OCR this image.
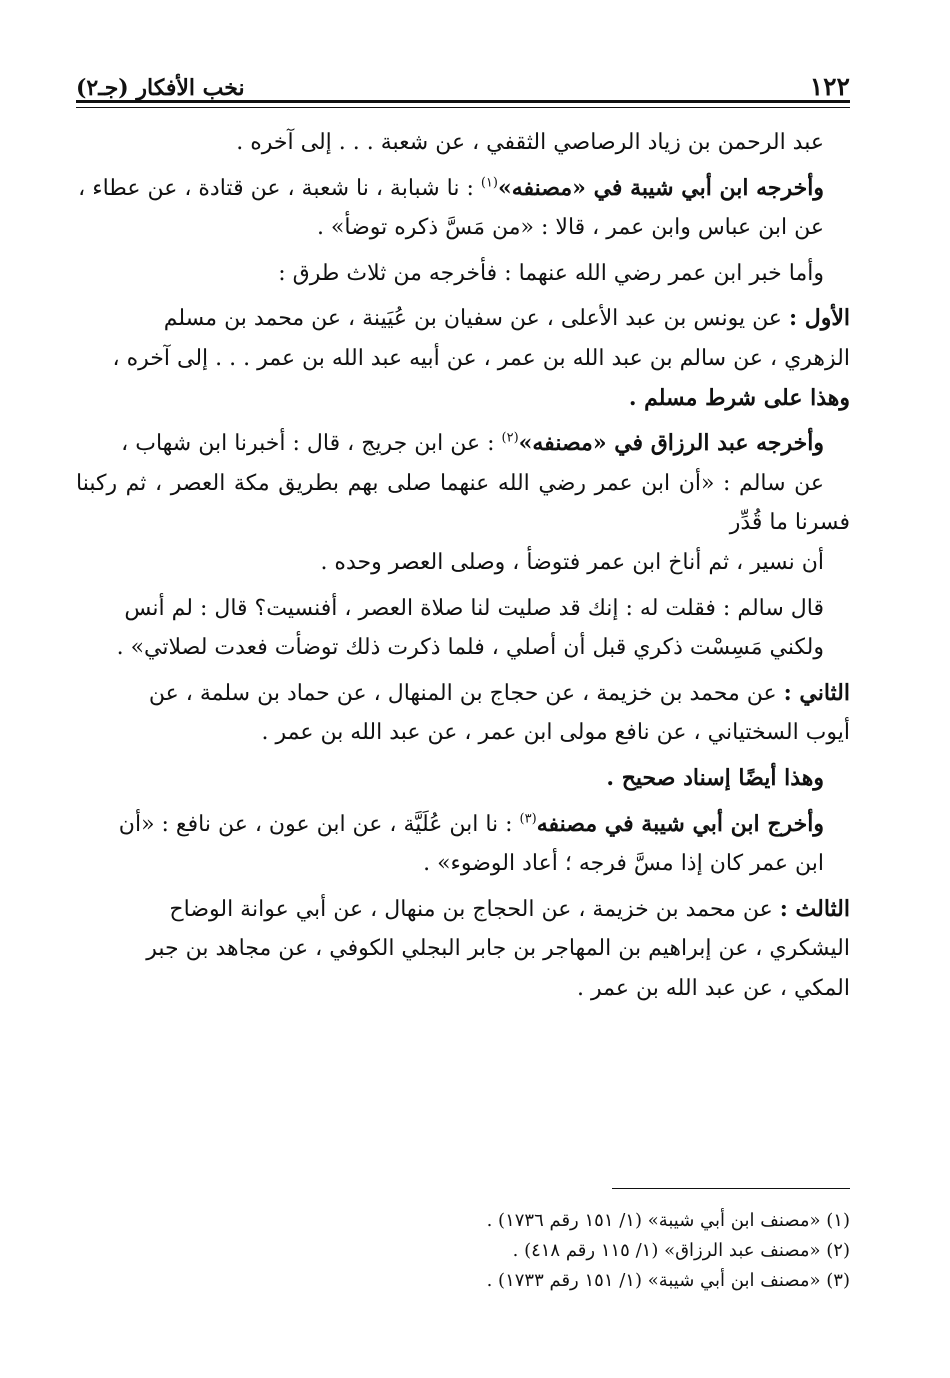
١٢٢
نخب الأفكار (جـ٢)

عبد الرحمن بن زياد الرصاصي الثقفي ، عن شعبة . . . إلى آخره .

وأخرجه ابن أبي شيبة في «مصنفه»$^{(١)}$ : نا شبابة ، نا شعبة ، عن قتادة ، عن عطاء ،
عن ابن عباس وابن عمر ، قالا : «من مَسَّ ذكره توضأ» .

وأما خبر ابن عمر رضي الله عنهما : فأخرجه من ثلاث طرق :

الأول : عن يونس بن عبد الأعلى ، عن سفيان بن عُيَينة ، عن محمد بن مسلم
الزهري ، عن سالم بن عبد الله بن عمر ، عن أبيه عبد الله بن عمر . . . إلى آخره ،
وهذا على شرط مسلم .

وأخرجه عبد الرزاق في «مصنفه»$^{(٢)}$ : عن ابن جريج ، قال : أخبرنا ابن شهاب ،
عن سالم : «أن ابن عمر رضي الله عنهما صلى بهم بطريق مكة العصر ، ثم ركبنا فسرنا ما قُدِّر
أن نسير ، ثم أناخ ابن عمر فتوضأ ، وصلى العصر وحده .

قال سالم : فقلت له : إنك قد صليت لنا صلاة العصر ، أفنسيت؟ قال : لم أنس
ولكني مَسِسْت ذكري قبل أن أصلي ، فلما ذكرت ذلك توضأت فعدت لصلاتي» .

الثاني : عن محمد بن خزيمة ، عن حجاج بن المنهال ، عن حماد بن سلمة ، عن
أيوب السختياني ، عن نافع مولى ابن عمر ، عن عبد الله بن عمر .

وهذا أيضًا إسناد صحيح .

وأخرج ابن أبي شيبة في مصنفه$^{(٣)}$ : نا ابن عُلَيَّة ، عن ابن عون ، عن نافع : «أن
ابن عمر كان إذا مسَّ فرجه ؛ أعاد الوضوء» .

الثالث : عن محمد بن خزيمة ، عن الحجاج بن منهال ، عن أبي عوانة الوضاح
اليشكري ، عن إبراهيم بن المهاجر بن جابر البجلي الكوفي ، عن مجاهد بن جبر
المكي ، عن عبد الله بن عمر .

(١) «مصنف ابن أبي شيبة» (١/ ١٥١ رقم ١٧٣٦) .
(٢) «مصنف عبد الرزاق» (١/ ١١٥ رقم ٤١٨) .
(٣) «مصنف ابن أبي شيبة» (١/ ١٥١ رقم ١٧٣٣) .
